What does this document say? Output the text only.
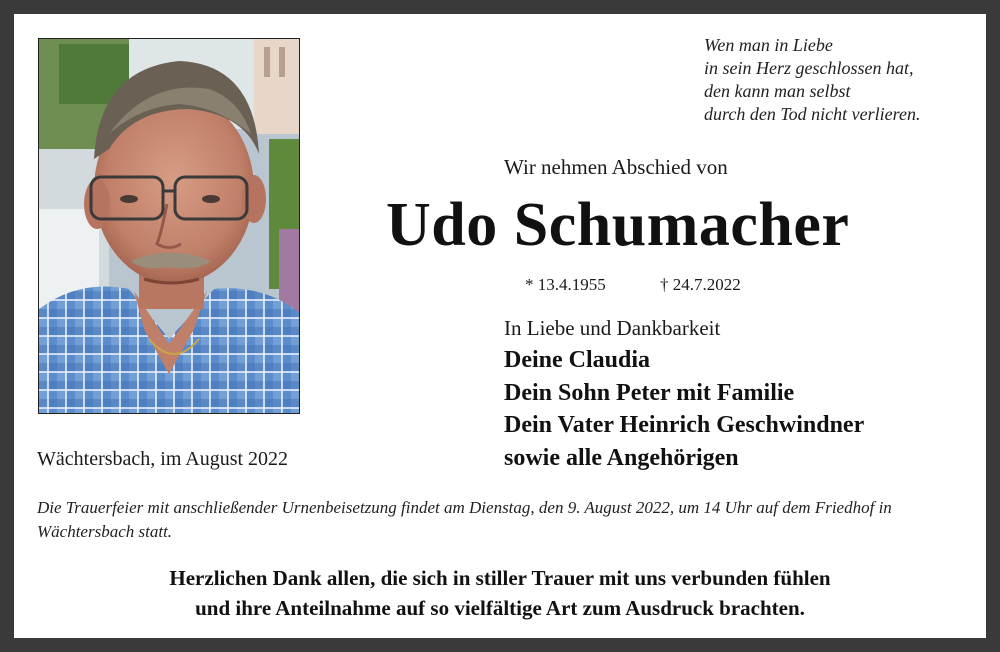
Wen man in Liebe
in sein Herz geschlossen hat,
den kann man selbst
durch den Tod nicht verlieren.
Wir nehmen Abschied von
Udo Schumacher
* 13.4.1955	† 24.7.2022
In Liebe und Dankbarkeit
Deine Claudia
Dein Sohn Peter mit Familie
Dein Vater Heinrich Geschwindner
sowie alle Angehörigen
Wächtersbach, im August 2022
Die Trauerfeier mit anschließender Urnenbeisetzung findet am Dienstag, den 9. August 2022, um 14 Uhr auf dem Friedhof in Wächtersbach statt.
Herzlichen Dank allen, die sich in stiller Trauer mit uns verbunden fühlen
und ihre Anteilnahme auf so vielfältige Art zum Ausdruck brachten.
